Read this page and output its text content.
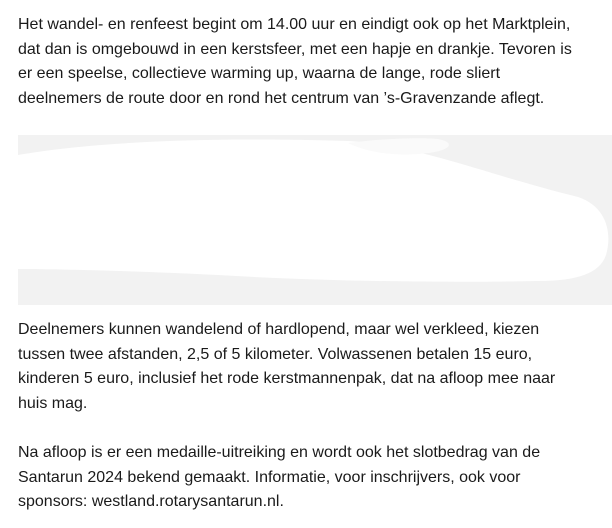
Het wandel- en renfeest begint om 14.00 uur en eindigt ook op het Marktplein,
dat dan is omgebouwd in een kerstsfeer, met een hapje en drankje. Tevoren is
er een speelse, collectieve warming up, waarna de lange, rode sliert
deelnemers de route door en rond het centrum van ’s-Gravenzande aflegt.

Deelnemers kunnen wandelend of hardlopend, maar wel verkleed, kiezen
tussen twee afstanden, 2,5 of 5 kilometer. Volwassenen betalen 15 euro,
kinderen 5 euro, inclusief het rode kerstmannenpak, dat na afloop mee naar
huis mag.

Na afloop is er een medaille-uitreiking en wordt ook het slotbedrag van de
Santarun 2024 bekend gemaakt. Informatie, voor inschrijvers, ook voor
sponsors: westland.rotarysantarun.nl.
